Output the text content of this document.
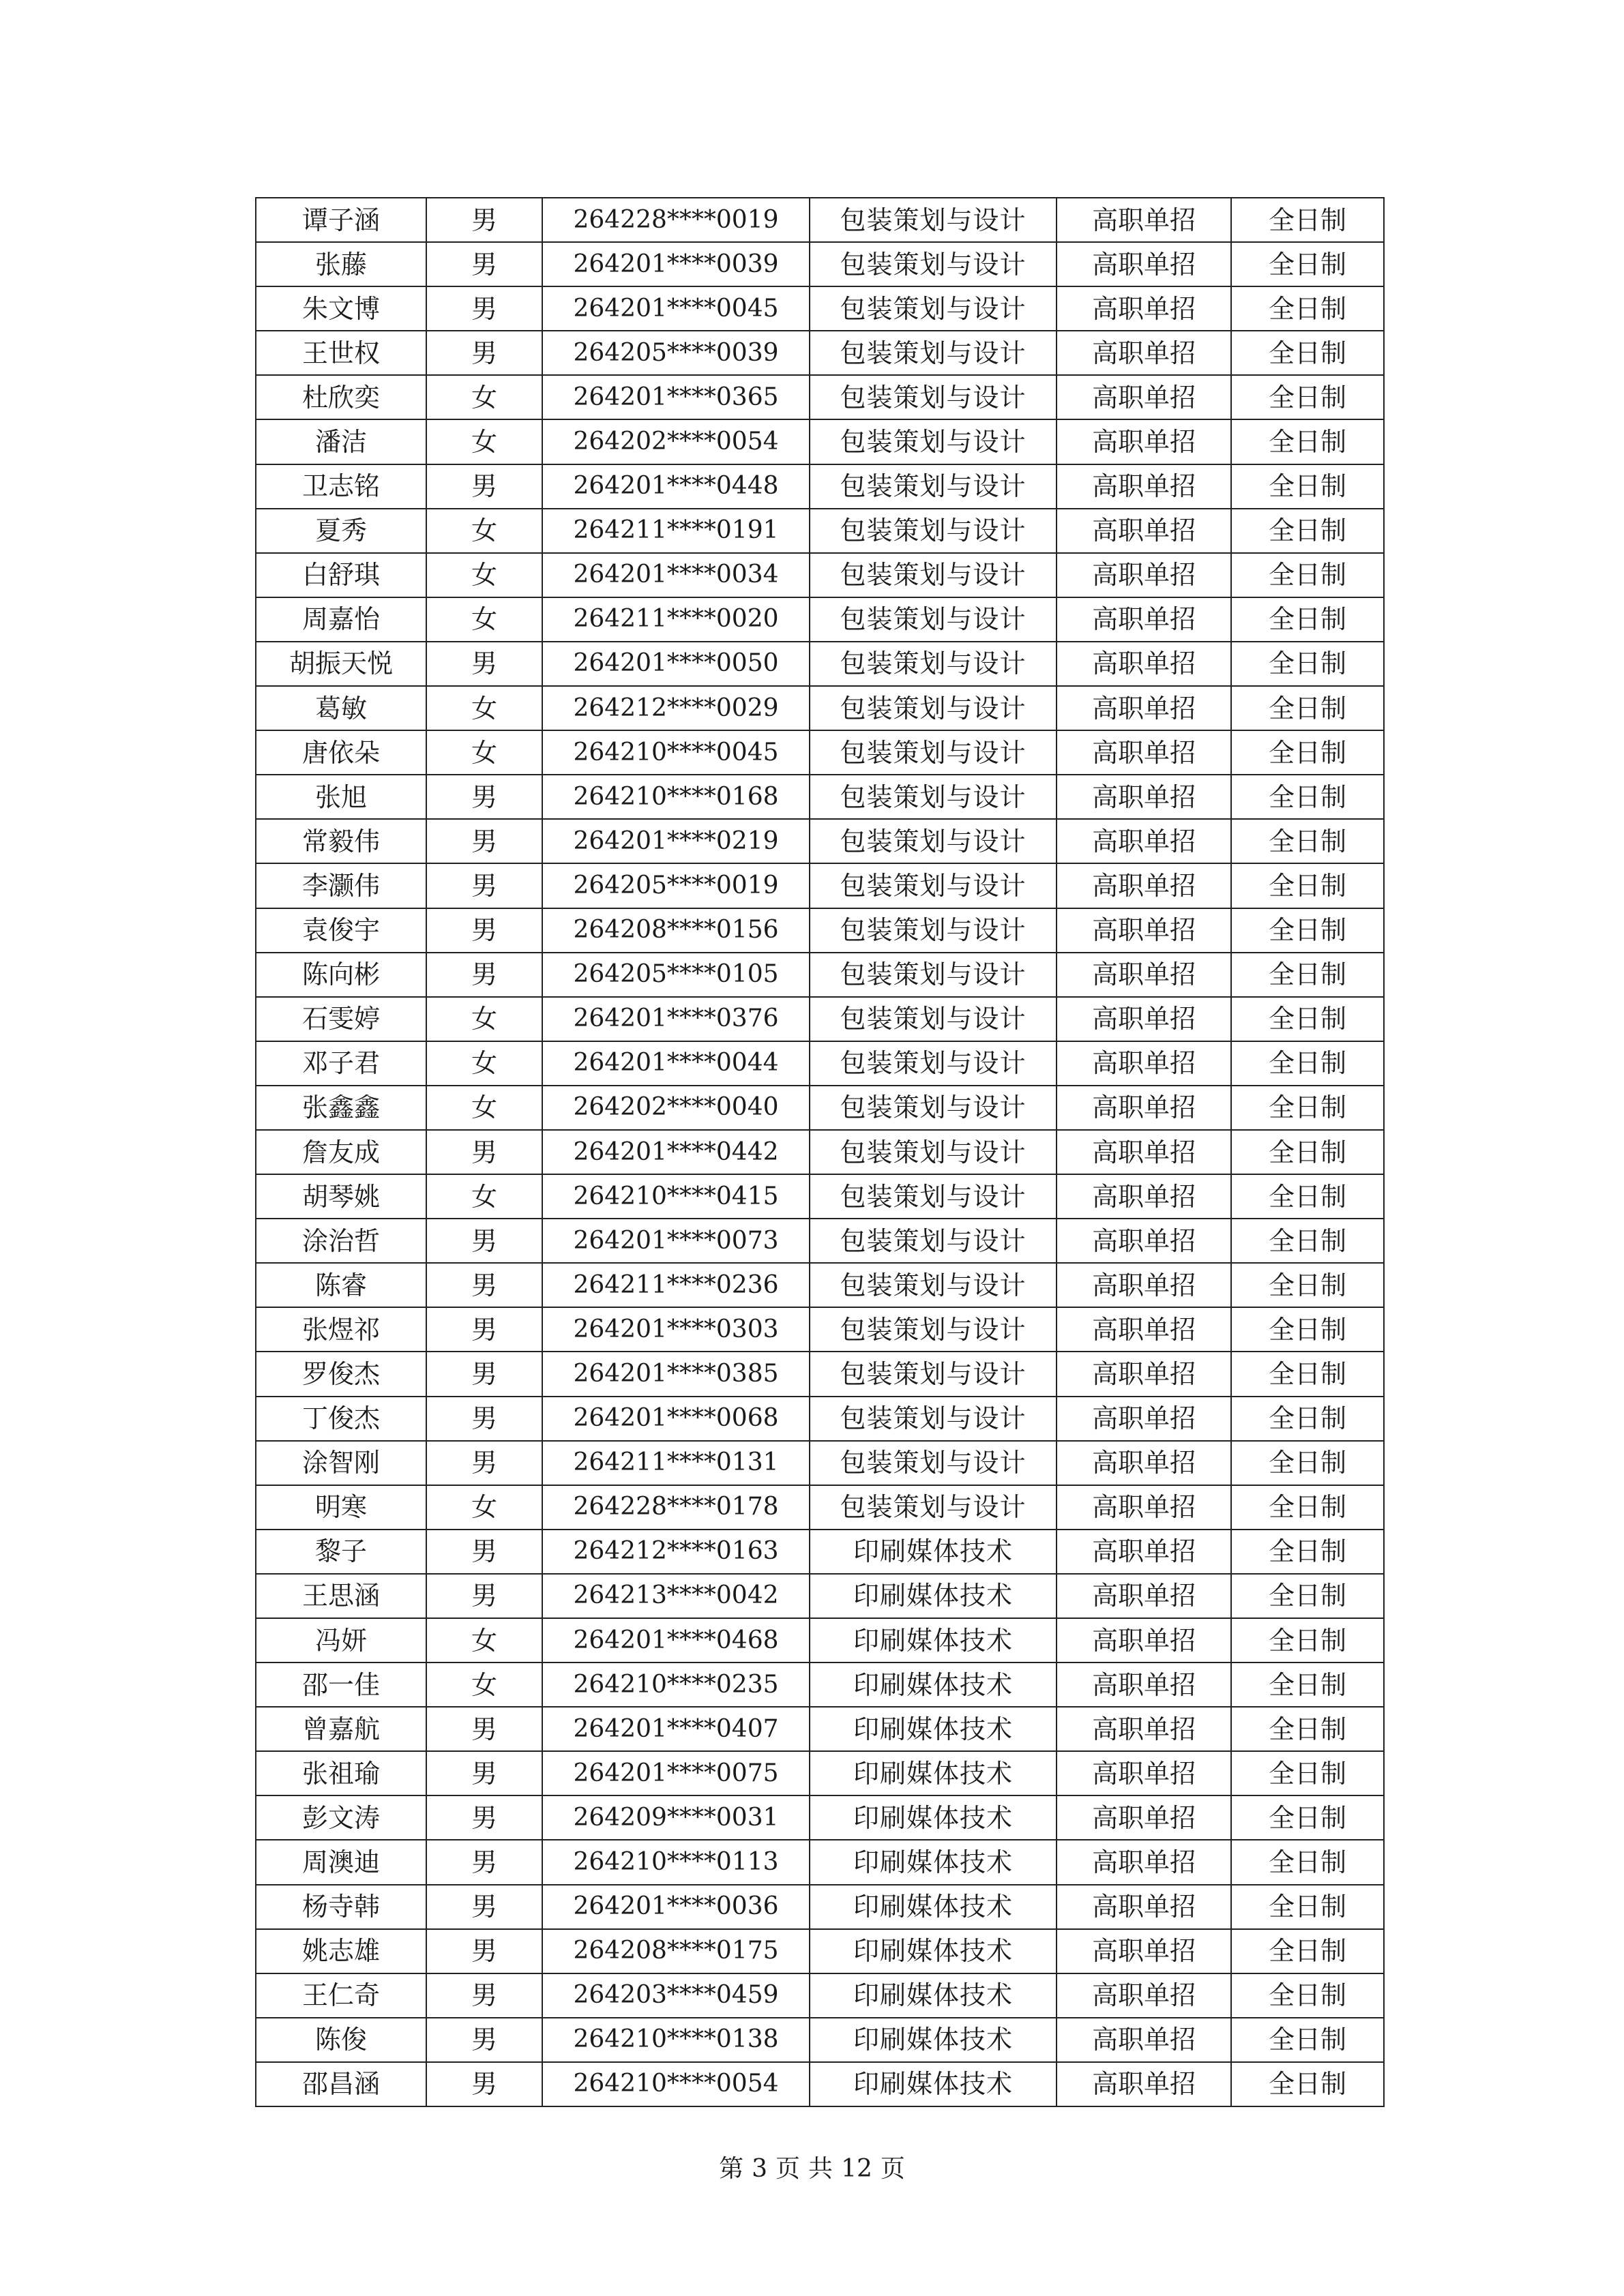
谭子涵	男	264228****0019	包装策划与设计	高职单招	全日制
张藤	男	264201****0039	包装策划与设计	高职单招	全日制
朱文博	男	264201****0045	包装策划与设计	高职单招	全日制
王世权	男	264205****0039	包装策划与设计	高职单招	全日制
杜欣奕	女	264201****0365	包装策划与设计	高职单招	全日制
潘洁	女	264202****0054	包装策划与设计	高职单招	全日制
卫志铭	男	264201****0448	包装策划与设计	高职单招	全日制
夏秀	女	264211****0191	包装策划与设计	高职单招	全日制
白舒琪	女	264201****0034	包装策划与设计	高职单招	全日制
周嘉怡	女	264211****0020	包装策划与设计	高职单招	全日制
胡振天悦	男	264201****0050	包装策划与设计	高职单招	全日制
葛敏	女	264212****0029	包装策划与设计	高职单招	全日制
唐依朵	女	264210****0045	包装策划与设计	高职单招	全日制
张旭	男	264210****0168	包装策划与设计	高职单招	全日制
常毅伟	男	264201****0219	包装策划与设计	高职单招	全日制
李灏伟	男	264205****0019	包装策划与设计	高职单招	全日制
袁俊宇	男	264208****0156	包装策划与设计	高职单招	全日制
陈向彬	男	264205****0105	包装策划与设计	高职单招	全日制
石雯婷	女	264201****0376	包装策划与设计	高职单招	全日制
邓子君	女	264201****0044	包装策划与设计	高职单招	全日制
张鑫鑫	女	264202****0040	包装策划与设计	高职单招	全日制
詹友成	男	264201****0442	包装策划与设计	高职单招	全日制
胡琴姚	女	264210****0415	包装策划与设计	高职单招	全日制
涂治哲	男	264201****0073	包装策划与设计	高职单招	全日制
陈睿	男	264211****0236	包装策划与设计	高职单招	全日制
张煜祁	男	264201****0303	包装策划与设计	高职单招	全日制
罗俊杰	男	264201****0385	包装策划与设计	高职单招	全日制
丁俊杰	男	264201****0068	包装策划与设计	高职单招	全日制
涂智刚	男	264211****0131	包装策划与设计	高职单招	全日制
明寒	女	264228****0178	包装策划与设计	高职单招	全日制
黎子	男	264212****0163	印刷媒体技术	高职单招	全日制
王思涵	男	264213****0042	印刷媒体技术	高职单招	全日制
冯妍	女	264201****0468	印刷媒体技术	高职单招	全日制
邵一佳	女	264210****0235	印刷媒体技术	高职单招	全日制
曾嘉航	男	264201****0407	印刷媒体技术	高职单招	全日制
张祖瑜	男	264201****0075	印刷媒体技术	高职单招	全日制
彭文涛	男	264209****0031	印刷媒体技术	高职单招	全日制
周澳迪	男	264210****0113	印刷媒体技术	高职单招	全日制
杨寺韩	男	264201****0036	印刷媒体技术	高职单招	全日制
姚志雄	男	264208****0175	印刷媒体技术	高职单招	全日制
王仁奇	男	264203****0459	印刷媒体技术	高职单招	全日制
陈俊	男	264210****0138	印刷媒体技术	高职单招	全日制
邵昌涵	男	264210****0054	印刷媒体技术	高职单招	全日制
第 3 页 共 12 页
